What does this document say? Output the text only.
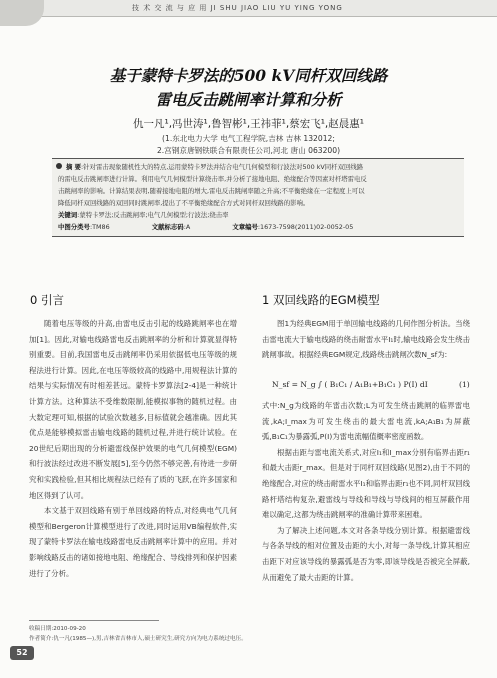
技 术 交 流 与 应 用 JI SHU JIAO LIU YU YING YONG
基于蒙特卡罗法的500 kV同杆双回线路
雷电反击跳闸率计算和分析
仇一凡¹,冯世涛¹,鲁智彬¹,王祎菲¹,蔡宏飞¹,赵晨惠¹
(1.东北电力大学 电气工程学院,吉林 吉林 132012;
2.宫钢京唐钢铁联合有限责任公司,河北 唐山 063200)
摘 要:针对雷击现象随机性大的特点,运用蒙特卡罗法并结合电气几何模型和行波法对500 kV同杆双回线路
的雷电反击跳闸率进行计算。利用电气几何模型计算绕击率,并分析了接地电阻、绝缘配合等因素对杆塔雷电反
击跳闸率的影响。计算结果表明,随着接地电阻的增大,雷电反击跳闸率随之升高;不平衡绝缘在一定程度上可以
降低同杆双回线路的双回同时跳闸率,提出了不平衡绝缘配合方式对同杆双回线路的影响。
关键词:蒙特卡罗法;反击跳闸率;电气几何模型;行波法;绕击率
中图分类号:TM86	文献标志码:A	文章编号:1673-7598(2011)02-0052-05
0 引言

随着电压等级的升高,由雷电反击引起的线路跳闸率也在增加[1]。因此,对输电线路雷电反击跳闸率的分析和计算就显得特别重要。目前,我国雷电反击跳闸率仍采用依据低电压等级的规程法进行计算。因此,在电压等级较高的线路中,用规程法计算的结果与实际情况有时相差甚远。蒙特卡罗算法[2-4]是一种统计计算方法。这种算法不受维数限制,能模拟事物的随机过程。由大数定理可知,根据的试验次数越多,目标值就会越准确。因此其优点是能够模拟雷击输电线路的随机过程,并进行统计试验。在20世纪后期出现的分析避雷线保护效果的电气几何模型(EGM)和行波法经过改进不断发展[5],至今仍然不够完善,有待进一步研究和实践检验,但其相比规程法已经有了质的飞跃,在许多国家和地区得到了认可。

本文基于双回线路有别于单回线路的特点,对经典电气几何模型和Bergeron计算模型进行了改进,同时运用VB编程软件,实现了蒙特卡罗法在输电线路雷电反击跳闸率计算中的应用。并对影响线路反击的诸如接地电阻、绝缘配合、导线排列和保护因素进行了分析。

1 双回线路的EGM模型

图1为经典EGM用于单回输电线路的几何作图分析法。当绕击雷电流大于输电线路的绕击耐雷水平I₁时,输电线路会发生绕击跳闸事故。根据经典EGM规定,线路绕击跳闸次数N_sf为:

N_sf = N_g ∫ ( B₁C₁ / A₁B₁+B₁C₁ ) P(I) dI	(1)

式中:N_g为线路的年雷击次数;L为可发生绕击跳闸的临界雷电流,kA;I_max为可发生绕击的最大雷电流,kA;A₁B₁为屏蔽弧,B₁C₁为暴露弧,P(I)为雷电流幅值概率密度函数。

根据击距与雷电流关系式,对应I₁和I_max分别有临界击距r₁和最大击距r_max。但是对于同杆双回线路(见图2),由于不同的绝缘配合,对应的绕击耐雷水平I₁和临界击距r₁也不同,同杆双回线路杆塔结构复杂,避雷线与导线和导线与导线间的相互屏蔽作用难以确定,这都为绕击跳闸率的准确计算带来困难。

为了解决上述问题,本文对各条导线分别计算。根据避雷线与各条导线的相对位置及击距的大小,对每一条导线,计算其相应击距下对应该导线的暴露弧是否为零,即该导线是否被完全屏蔽,从而避免了最大击距的计算。

收稿日期:2010-09-20
作者简介:仇一凡(1985—),男,吉林省吉林市人,硕士研究生,研究方向为电力系统过电压。
52
